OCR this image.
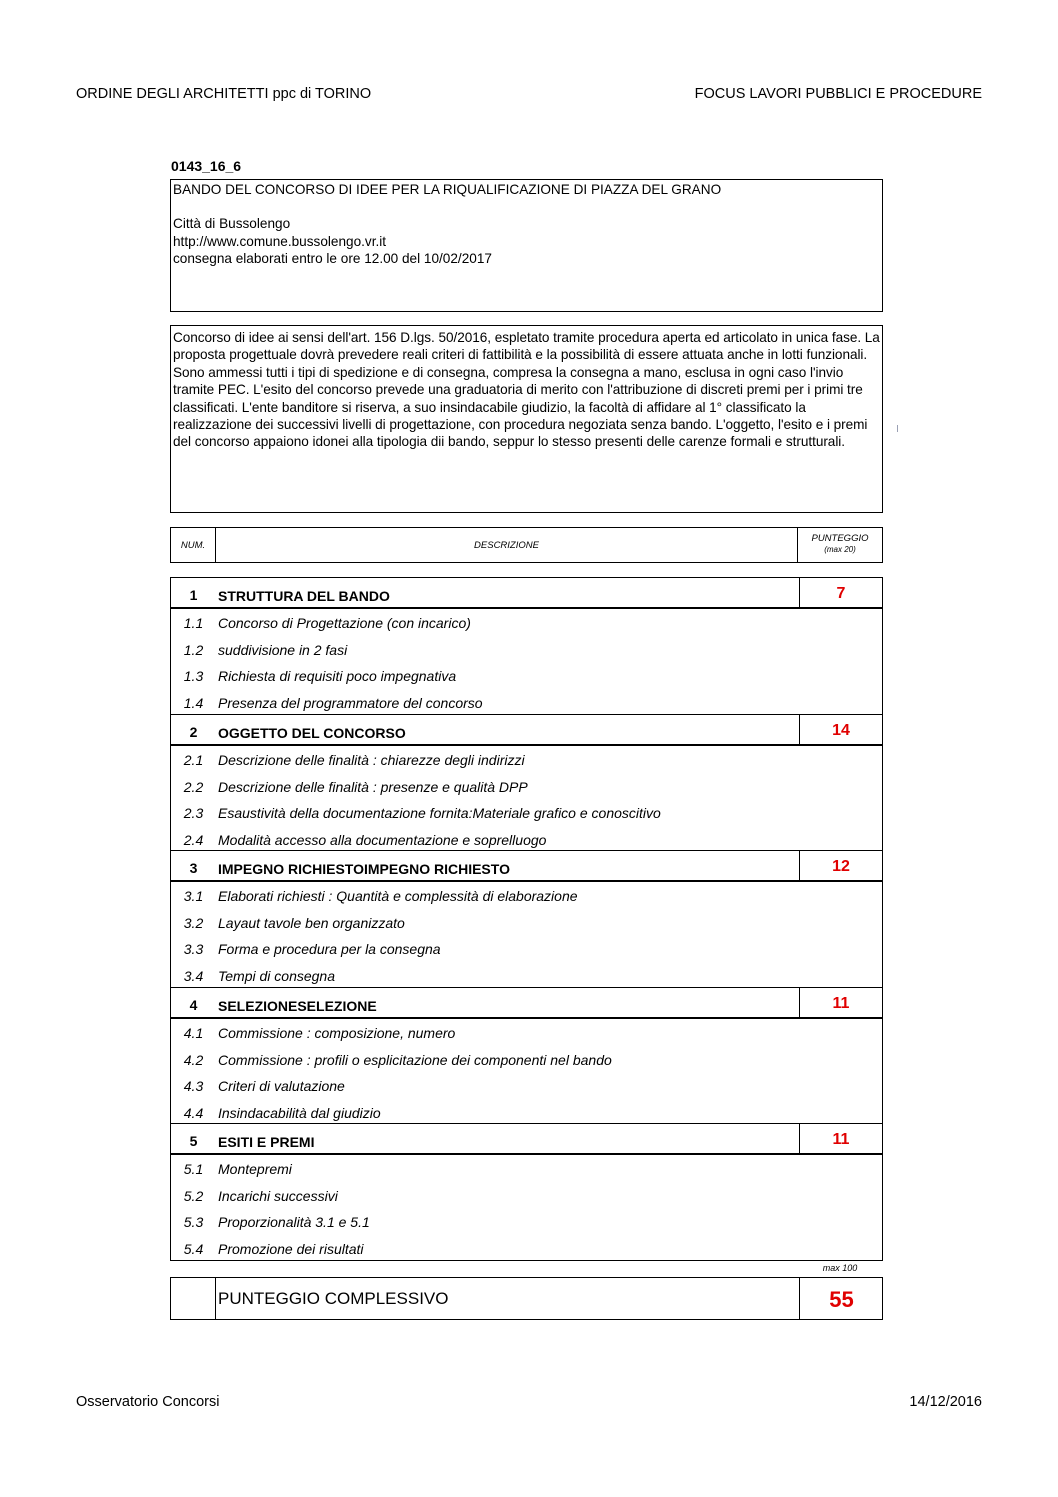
ORDINE DEGLI ARCHITETTI ppc di TORINO	FOCUS LAVORI PUBBLICI E PROCEDURE
0143_16_6
BANDO DEL CONCORSO DI IDEE PER LA RIQUALIFICAZIONE DI PIAZZA DEL GRANO
Città di Bussolengo
http://www.comune.bussolengo.vr.it
consegna elaborati entro le ore 12.00 del 10/02/2017
Concorso di idee ai sensi dell'art. 156 D.lgs. 50/2016, espletato tramite procedura aperta ed articolato in unica fase. La proposta progettuale dovrà prevedere reali criteri di fattibilità e la possibilità di essere attuata anche in lotti funzionali. Sono ammessi tutti i tipi di spedizione e di consegna, compresa la consegna a mano, esclusa in ogni caso l'invio tramite PEC. L'esito del concorso prevede una graduatoria di merito con l'attribuzione di discreti premi per i primi tre classificati. L'ente banditore si riserva, a suo insindacabile giudizio, la facoltà di affidare al 1° classificato la realizzazione dei successivi livelli di progettazione, con procedura negoziata senza bando. L'oggetto, l'esito e i premi del concorso appaiono idonei alla tipologia dii bando, seppur lo stesso presenti delle carenze formali e strutturali.
NUM.	DESCRIZIONE
PUNTEGGIO
(max 20)
1	STRUTTURA DEL BANDO	7
1.1	Concorso di Progettazione (con incarico)
1.2	suddivisione in 2 fasi
1.3	Richiesta di requisiti poco impegnativa
1.4	Presenza del programmatore del concorso
2	OGGETTO DEL CONCORSO	14
2.1	Descrizione delle finalità : chiarezze degli indirizzi
2.2	Descrizione delle finalità : presenze e qualità DPP
2.3	Esaustività della documentazione fornita:Materiale grafico e conoscitivo
2.4	Modalità accesso alla documentazione e soprelluogo
3	IMPEGNO RICHIESTOIMPEGNO RICHIESTO	12
3.1	Elaborati richiesti : Quantità e complessità di elaborazione
3.2	Layaut tavole ben organizzato
3.3	Forma e procedura per la consegna
3.4	Tempi di consegna
4	SELEZIONESELEZIONE	11
4.1	Commissione : composizione, numero
4.2	Commissione : profili o esplicitazione dei componenti nel bando
4.3	Criteri di valutazione
4.4	Insindacabilità dal giudizio
5	ESITI E PREMI	11
5.1	Montepremi
5.2	Incarichi successivi
5.3	Proporzionalità 3.1 e 5.1
5.4	Promozione dei risultati
max 100
PUNTEGGIO COMPLESSIVO	55
Osservatorio Concorsi	14/12/2016
